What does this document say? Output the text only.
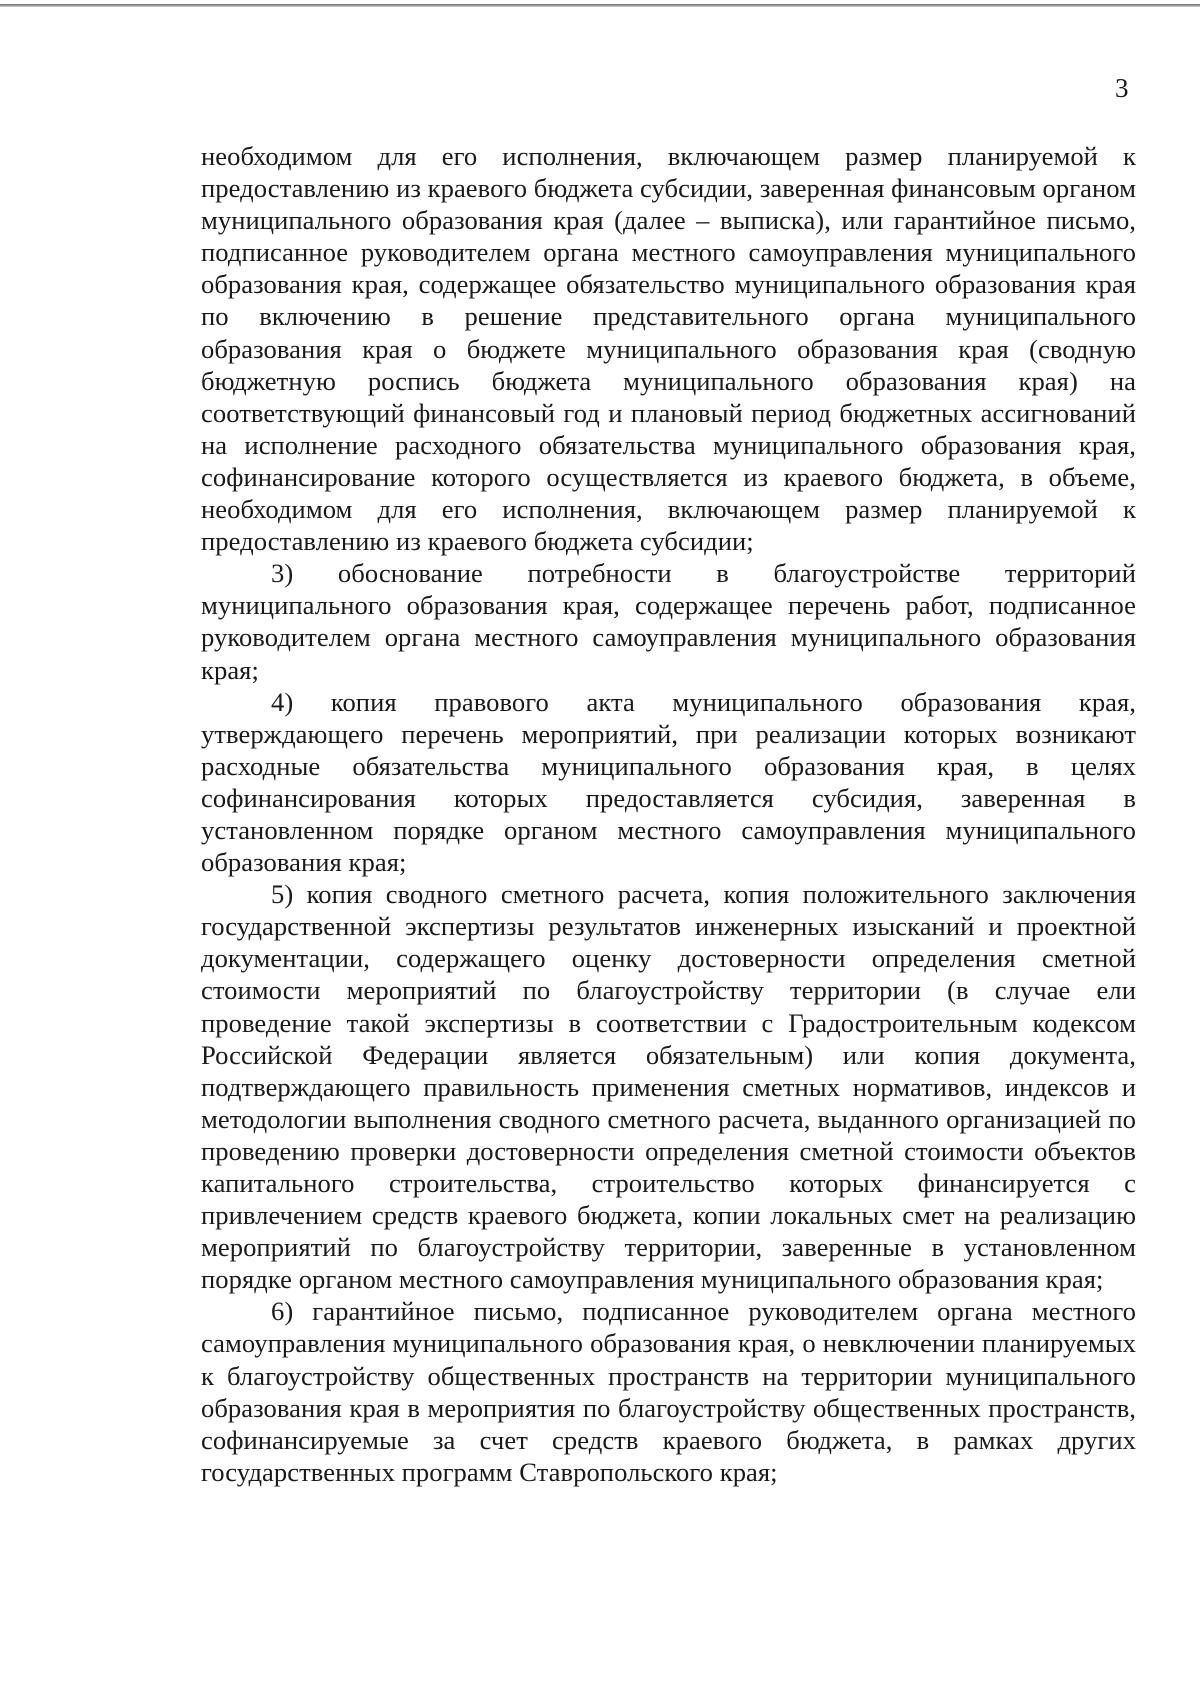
3

необходимом для его исполнения, включающем размер планируемой к предоставлению из краевого бюджета субсидии, заверенная финансовым органом муниципального образования края (далее – выписка), или гарантийное письмо, подписанное руководителем органа местного самоуправления муниципального образования края, содержащее обязательство муниципального образования края по включению в решение представительного органа муниципального образования края о бюджете муниципального образования края (сводную бюджетную роспись бюджета муниципального образования края) на соответствующий финансовый год и плановый период бюджетных ассигнований на исполнение расходного обязательства муниципального образования края, софинансирование которого осуществляется из краевого бюджета, в объеме, необходимом для его исполнения, включающем размер планируемой к предоставлению из краевого бюджета субсидии;

3) обоснование потребности в благоустройстве территорий муниципального образования края, содержащее перечень работ, подписанное руководителем органа местного самоуправления муниципального образования края;

4) копия правового акта муниципального образования края, утверждающего перечень мероприятий, при реализации которых возникают расходные обязательства муниципального образования края, в целях софинансирования которых предоставляется субсидия, заверенная в установленном порядке органом местного самоуправления муниципального образования края;

5) копия сводного сметного расчета, копия положительного заключения государственной экспертизы результатов инженерных изысканий и проектной документации, содержащего оценку достоверности определения сметной стоимости мероприятий по благоустройству территории (в случае ели проведение такой экспертизы в соответствии с Градостроительным кодексом Российской Федерации является обязательным) или копия документа, подтверждающего правильность применения сметных нормативов, индексов и методологии выполнения сводного сметного расчета, выданного организацией по проведению проверки достоверности определения сметной стоимости объектов капитального строительства, строительство которых финансируется с привлечением средств краевого бюджета, копии локальных смет на реализацию мероприятий по благоустройству территории, заверенные в установленном порядке органом местного самоуправления муниципального образования края;

6) гарантийное письмо, подписанное руководителем органа местного самоуправления муниципального образования края, о невключении планируемых к благоустройству общественных пространств на территории муниципального образования края в мероприятия по благоустройству общественных пространств, софинансируемые за счет средств краевого бюджета, в рамках других государственных программ Ставропольского края;
